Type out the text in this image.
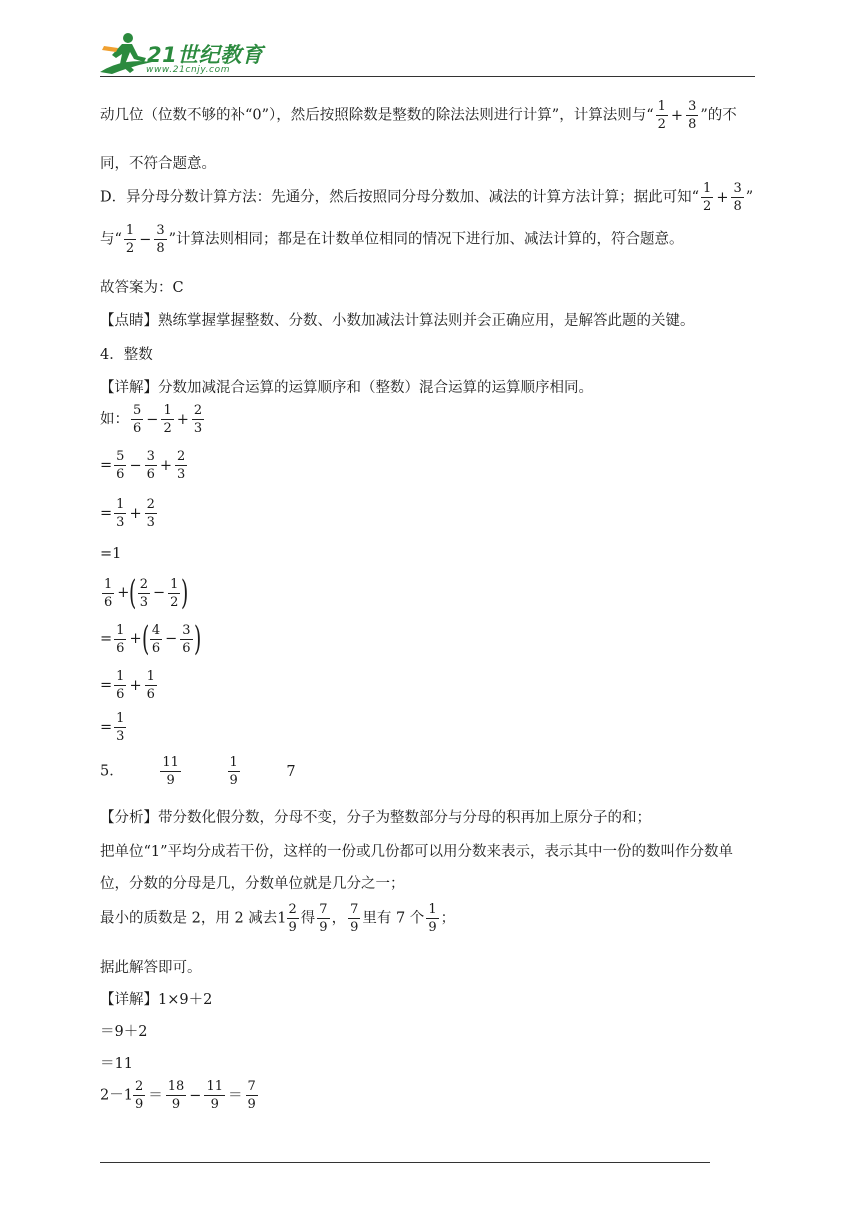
21世纪教育
www.21cnjy.com
动几位（位数不够的补“0”），然后按照除数是整数的除法法则进行计算”，计算法则与“ $\frac{1}{2} + \frac{3}{8}$ ”的不
同，不符合题意。
D．异分母分数计算方法：先通分，然后按照同分母分数加、减法的计算方法计算；据此可知“ $\frac{1}{2} + \frac{3}{8}$ ”
与“ $\frac{1}{2} - \frac{3}{8}$ ”计算法则相同；都是在计数单位相同的情况下进行加、减法计算的，符合题意。
故答案为：C
【点睛】熟练掌握掌握整数、分数、小数加减法计算法则并会正确应用，是解答此题的关键。
4．整数
【详解】分数加减混合运算的运算顺序和（整数）混合运算的运算顺序相同。
如： $\frac{5}{6} - \frac{1}{2} + \frac{2}{3}$
= $\frac{5}{6} - \frac{3}{6} + \frac{2}{3}$
= $\frac{1}{3} + \frac{2}{3}$
=1
$\frac{1}{6}$ +( $\frac{2}{3} - \frac{1}{2}$ )
= $\frac{1}{6}$ +( $\frac{4}{6} - \frac{3}{6}$ )
= $\frac{1}{6} + \frac{1}{6}$
= $\frac{1}{3}$
5．	$\frac{11}{9}$
	$\frac{1}{9}$	7
【分析】带分数化假分数，分母不变，分子为整数部分与分母的积再加上原分子的和；
把单位“1”平均分成若干份，这样的一份或几份都可以用分数来表示，表示其中一份的数叫作分数单
位，分数的分母是几，分数单位就是几分之一；
最小的质数是 2，用 2 减去$1 \frac{2}{9}$ 得 $\frac{7}{9}$ ， $\frac{7}{9}$ 里有 7 个 $\frac{1}{9}$ ；
据此解答即可。
【详解】1×9＋2
＝9＋2
＝11
$2-1 \frac{2}{9} = \frac{18}{9} - \frac{11}{9} = \frac{7}{9}$
